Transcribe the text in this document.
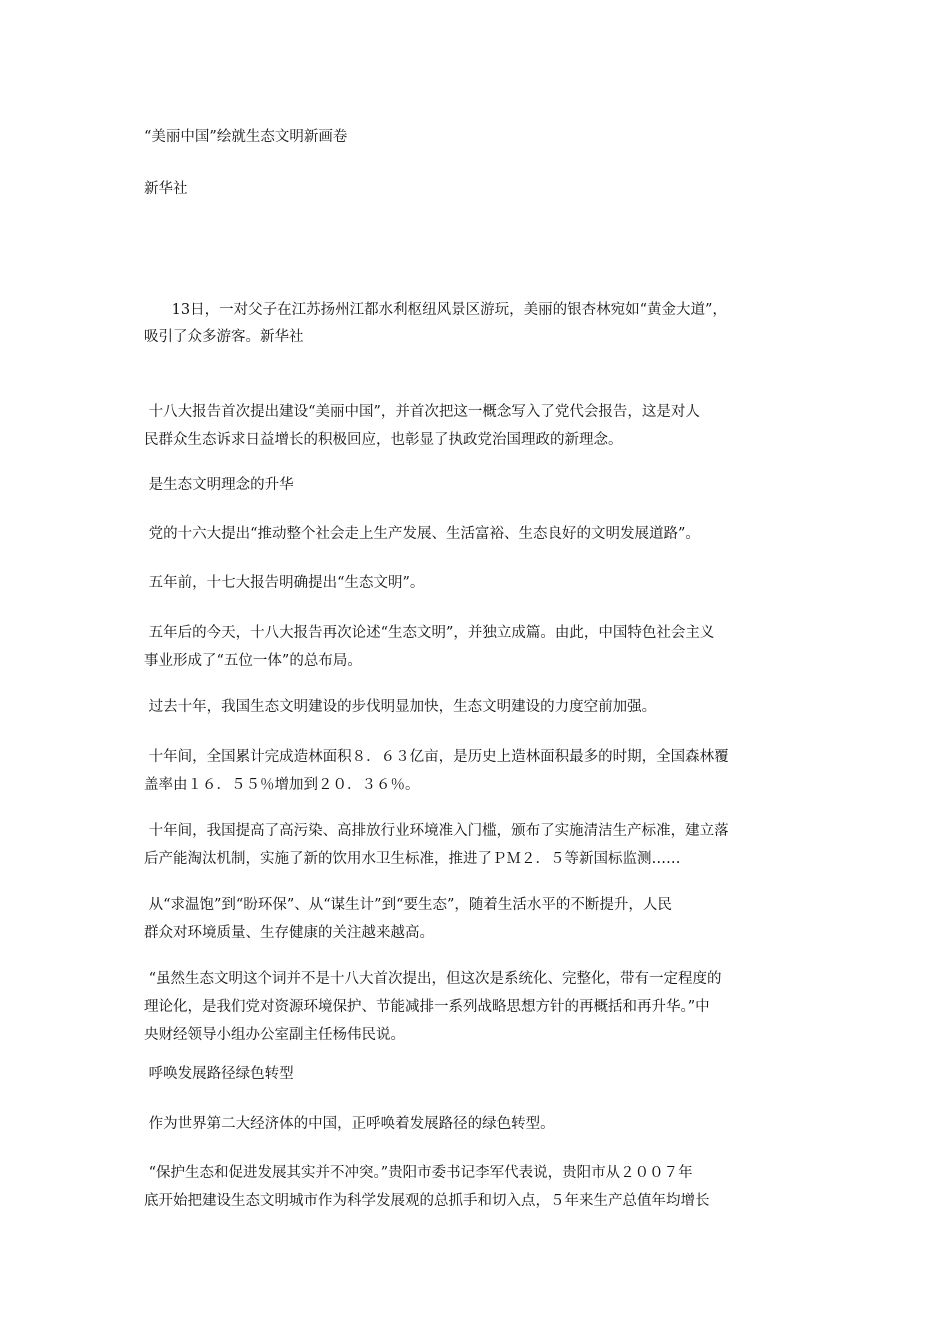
“美丽中国”绘就生态文明新画卷
新华社
13日，一对父子在江苏扬州江都水利枢纽风景区游玩，美丽的银杏林宛如“黄金大道”，
吸引了众多游客。新华社
十八大报告首次提出建设“美丽中国”，并首次把这一概念写入了党代会报告，这是对人
民群众生态诉求日益增长的积极回应，也彰显了执政党治国理政的新理念。
是生态文明理念的升华
党的十六大提出“推动整个社会走上生产发展、生活富裕、生态良好的文明发展道路”。
五年前，十七大报告明确提出“生态文明”。
五年后的今天，十八大报告再次论述“生态文明”，并独立成篇。由此，中国特色社会主义
事业形成了“五位一体”的总布局。
过去十年，我国生态文明建设的步伐明显加快，生态文明建设的力度空前加强。
十年间，全国累计完成造林面积８．６３亿亩，是历史上造林面积最多的时期，全国森林覆
盖率由１６．５５％增加到２０．３６％。
十年间，我国提高了高污染、高排放行业环境准入门槛，颁布了实施清洁生产标准，建立落
后产能淘汰机制，实施了新的饮用水卫生标准，推进了ＰＭ２．５等新国标监测……
从“求温饱”到“盼环保”、从“谋生计”到“要生态”，随着生活水平的不断提升，人民
群众对环境质量、生存健康的关注越来越高。
“虽然生态文明这个词并不是十八大首次提出，但这次是系统化、完整化，带有一定程度的
理论化，是我们党对资源环境保护、节能减排一系列战略思想方针的再概括和再升华。”中
央财经领导小组办公室副主任杨伟民说。
呼唤发展路径绿色转型
作为世界第二大经济体的中国，正呼唤着发展路径的绿色转型。
“保护生态和促进发展其实并不冲突。”贵阳市委书记李军代表说，贵阳市从２００７年
底开始把建设生态文明城市作为科学发展观的总抓手和切入点，５年来生产总值年均增长
